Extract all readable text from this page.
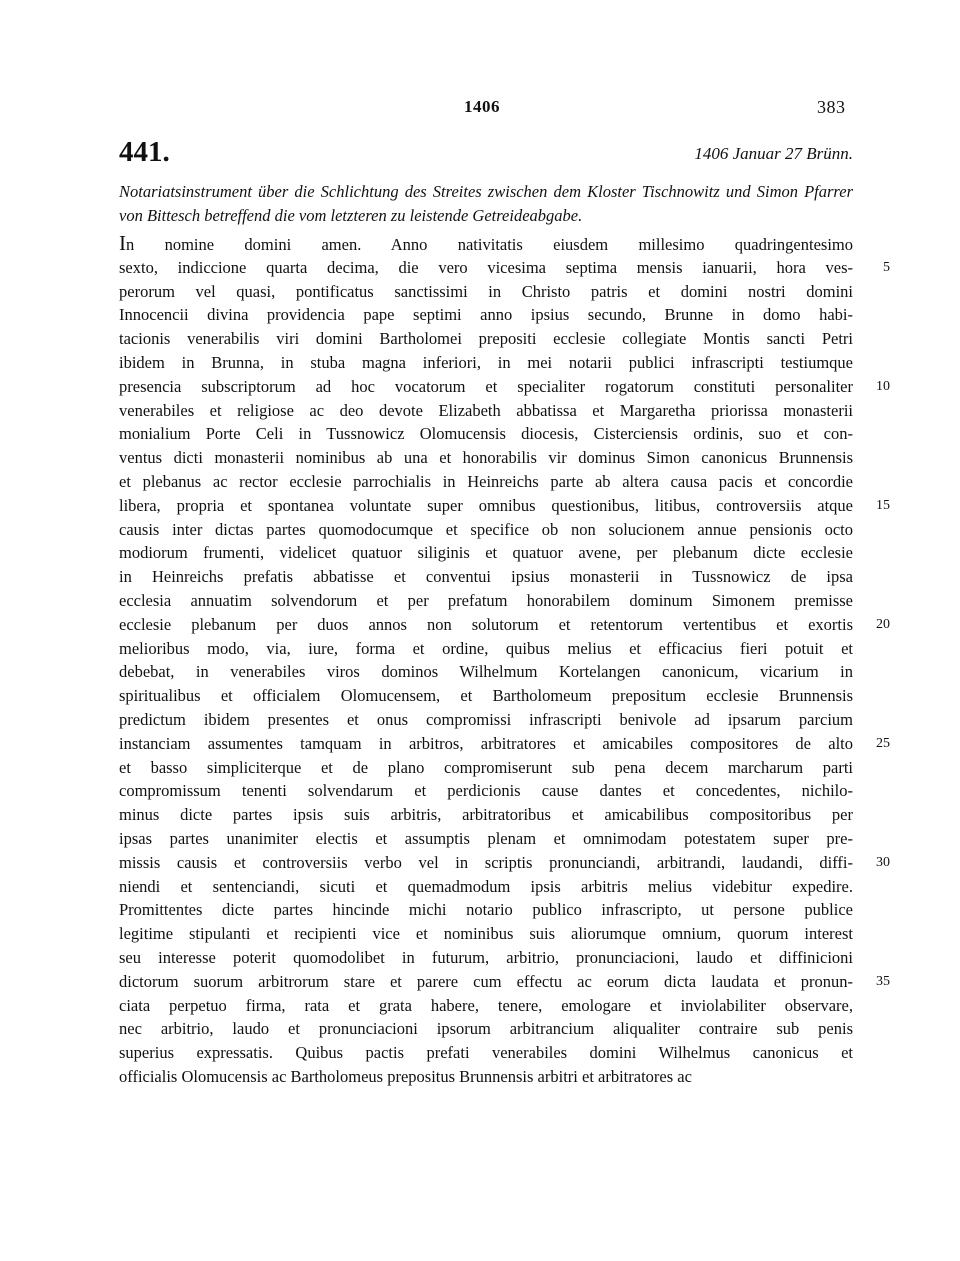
1406	383
441.	1406 Januar 27 Brünn.
Notariatsinstrument über die Schlichtung des Streites zwischen dem Kloster Tischnowitz und Simon Pfarrer von Bittesch betreffend die vom letzteren zu leistende Getreideabgabe.
In nomine domini amen. Anno nativitatis eiusdem millesimo quadringentesimo
sexto, indiccione quarta decima, die vero vicesima septima mensis ianuarii, hora ves-	5
perorum vel quasi, pontificatus sanctissimi in Christo patris et domini nostri domini
Innocencii divina providencia pape septimi anno ipsius secundo, Brunne in domo habi-
tacionis venerabilis viri domini Bartholomei prepositi ecclesie collegiate Montis sancti Petri
ibidem in Brunna, in stuba magna inferiori, in mei notarii publici infrascripti testiumque
presencia subscriptorum ad hoc vocatorum et specialiter rogatorum constituti personaliter	10
venerabiles et religiose ac deo devote Elizabeth abbatissa et Margaretha priorissa monasterii
monialium Porte Celi in Tussnowicz Olomucensis diocesis, Cisterciensis ordinis, suo et con-
ventus dicti monasterii nominibus ab una et honorabilis vir dominus Simon canonicus Brunnensis
et plebanus ac rector ecclesie parrochialis in Heinreichs parte ab altera causa pacis et concordie
libera, propria et spontanea voluntate super omnibus questionibus, litibus, controversiis atque	15
causis inter dictas partes quomodocumque et specifice ob non solucionem annue pensionis octo
modiorum frumenti, videlicet quatuor siliginis et quatuor avene, per plebanum dicte ecclesie
in Heinreichs prefatis abbatisse et conventui ipsius monasterii in Tussnowicz de ipsa
ecclesia annuatim solvendorum et per prefatum honorabilem dominum Simonem premisse
ecclesie plebanum per duos annos non solutorum et retentorum vertentibus et exortis	20
melioribus modo, via, iure, forma et ordine, quibus melius et efficacius fieri potuit et
debebat, in venerabiles viros dominos Wilhelmum Kortelangen canonicum, vicarium in
spiritualibus et officialem Olomucensem, et Bartholomeum prepositum ecclesie Brunnensis
predictum ibidem presentes et onus compromissi infrascripti benivole ad ipsarum parcium
instanciam assumentes tamquam in arbitros, arbitratores et amicabiles compositores de alto	25
et basso simpliciterque et de plano compromiserunt sub pena decem marcharum parti
compromissum tenenti solvendarum et perdicionis cause dantes et concedentes, nichilo-
minus dicte partes ipsis suis arbitris, arbitratoribus et amicabilibus compositoribus per
ipsas partes unanimiter electis et assumptis plenam et omnimodam potestatem super pre-
missis causis et controversiis verbo vel in scriptis pronunciandi, arbitrandi, laudandi, diffi-	30
niendi et sentenciandi, sicuti et quemadmodum ipsis arbitris melius videbitur expedire.
Promittentes dicte partes hincinde michi notario publico infrascripto, ut persone publice
legitime stipulanti et recipienti vice et nominibus suis aliorumque omnium, quorum interest
seu interesse poterit quomodolibet in futurum, arbitrio, pronunciacioni, laudo et diffinicioni
dictorum suorum arbitrorum stare et parere cum effectu ac eorum dicta laudata et pronun-	35
ciata perpetuo firma, rata et grata habere, tenere, emologare et inviolabiliter observare,
nec arbitrio, laudo et pronunciacioni ipsorum arbitrancium aliqualiter contraire sub penis
superius expressatis. Quibus pactis prefati venerabiles domini Wilhelmus canonicus et
officialis Olomucensis ac Bartholomeus prepositus Brunnensis arbitri et arbitratores ac
